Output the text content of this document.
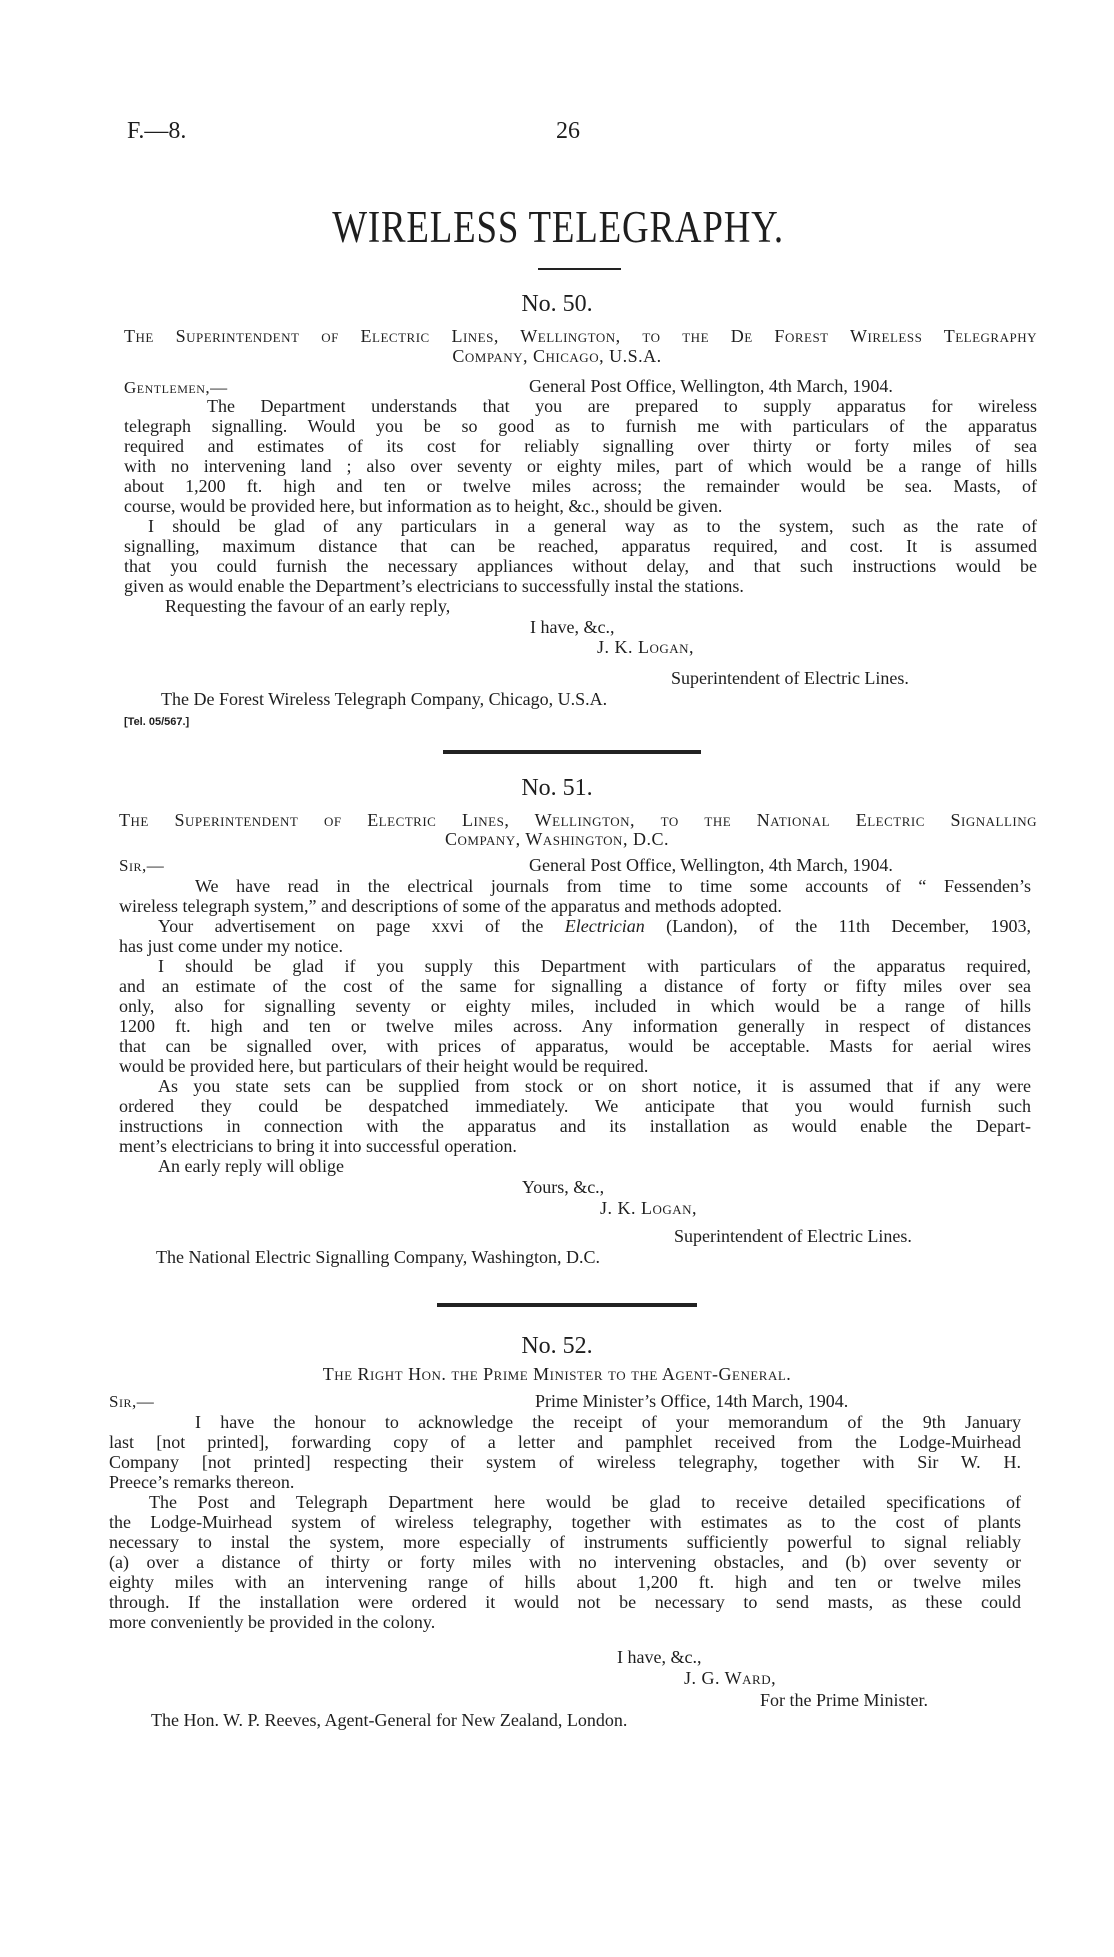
F.—8.	26
WIRELESS TELEGRAPHY.
No. 50.
The Superintendent of Electric Lines, Wellington, to the De Forest Wireless Telegraphy
Company, Chicago, U.S.A.
Gentlemen,—	General Post Office, Wellington, 4th March, 1904.
The Department understands that you are prepared to supply apparatus for wireless
telegraph signalling. Would you be so good as to furnish me with particulars of the apparatus
required and estimates of its cost for reliably signalling over thirty or forty miles of sea
with no intervening land ; also over seventy or eighty miles, part of which would be a range of hills
about 1,200 ft. high and ten or twelve miles across; the remainder would be sea. Masts, of
course, would be provided here, but information as to height, &c., should be given.
I should be glad of any particulars in a general way as to the system, such as the rate of
signalling, maximum distance that can be reached, apparatus required, and cost. It is assumed
that you could furnish the necessary appliances without delay, and that such instructions would be
given as would enable the Department’s electricians to successfully instal the stations.
Requesting the favour of an early reply,
I have, &c.,
J. K. Logan,
Superintendent of Electric Lines.
The De Forest Wireless Telegraph Company, Chicago, U.S.A.
[Tel. 05/567.]
No. 51.
The Superintendent of Electric Lines, Wellington, to the National Electric Signalling
Company, Washington, D.C.
Sir,—	General Post Office, Wellington, 4th March, 1904.
We have read in the electrical journals from time to time some accounts of “ Fessenden’s
wireless telegraph system,” and descriptions of some of the apparatus and methods adopted.
Your advertisement on page xxvi of the Electrician (Landon), of the 11th December, 1903,
has just come under my notice.
I should be glad if you supply this Department with particulars of the apparatus required,
and an estimate of the cost of the same for signalling a distance of forty or fifty miles over sea
only, also for signalling seventy or eighty miles, included in which would be a range of hills
1200 ft. high and ten or twelve miles across. Any information generally in respect of distances
that can be signalled over, with prices of apparatus, would be acceptable. Masts for aerial wires
would be provided here, but particulars of their height would be required.
As you state sets can be supplied from stock or on short notice, it is assumed that if any were
ordered they could be despatched immediately. We anticipate that you would furnish such
instructions in connection with the apparatus and its installation as would enable the Depart-
ment’s electricians to bring it into successful operation.
An early reply will oblige
Yours, &c.,
J. K. Logan,
Superintendent of Electric Lines.
The National Electric Signalling Company, Washington, D.C.
No. 52.
The Right Hon. the Prime Minister to the Agent-General.
Sir,—	Prime Minister’s Office, 14th March, 1904.
I have the honour to acknowledge the receipt of your memorandum of the 9th January
last [not printed], forwarding copy of a letter and pamphlet received from the Lodge-Muirhead
Company [not printed] respecting their system of wireless telegraphy, together with Sir W. H.
Preece’s remarks thereon.
The Post and Telegraph Department here would be glad to receive detailed specifications of
the Lodge-Muirhead system of wireless telegraphy, together with estimates as to the cost of plants
necessary to instal the system, more especially of instruments sufficiently powerful to signal reliably
(a) over a distance of thirty or forty miles with no intervening obstacles, and (b) over seventy or
eighty miles with an intervening range of hills about 1,200 ft. high and ten or twelve miles
through. If the installation were ordered it would not be necessary to send masts, as these could
more conveniently be provided in the colony.
I have, &c.,
J. G. Ward,
For the Prime Minister.
The Hon. W. P. Reeves, Agent-General for New Zealand, London.
